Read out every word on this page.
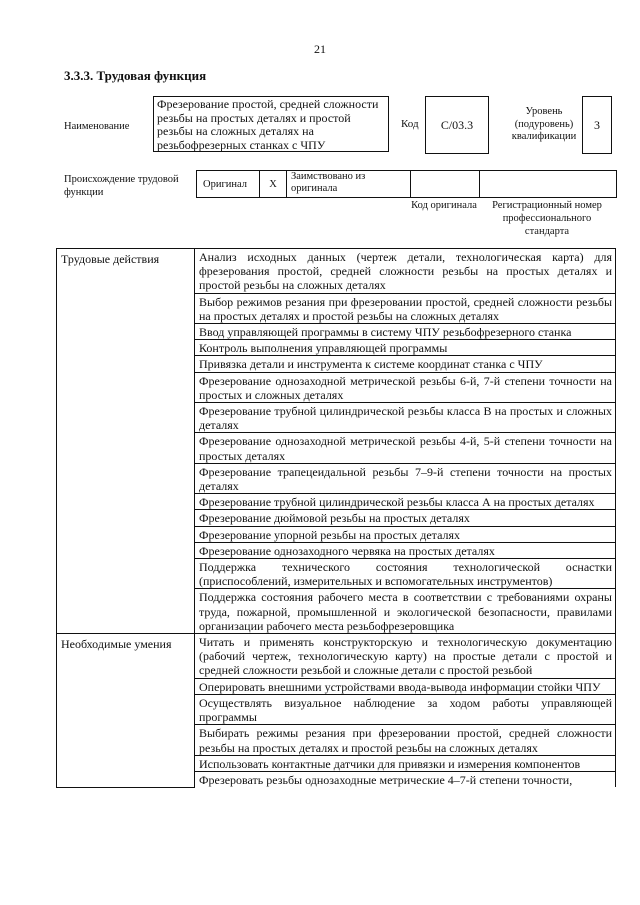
21
3.3.3. Трудовая функция
Наименование
Фрезерование простой, средней сложности резьбы на простых деталях и простой резьбы на сложных деталях на резьбофрезерных станках с ЧПУ
Код	С/03.3
Уровень (подуровень) квалификации
3
Происхождение трудовой функции
Оригинал	X	Заимствовано из оригинала		
Код оригинала	Регистрационный номер профессионального стандарта
Трудовые действия	Анализ исходных данных (чертеж детали, технологическая карта) для фрезерования простой, средней сложности резьбы на простых деталях и простой резьбы на сложных деталях
	Выбор режимов резания при фрезеровании простой, средней сложности резьбы на простых деталях и простой резьбы на сложных деталях
	Ввод управляющей программы в систему ЧПУ резьбофрезерного станка
	Контроль выполнения управляющей программы
	Привязка детали и инструмента к системе координат станка с ЧПУ
	Фрезерование однозаходной метрической резьбы 6-й, 7-й степени точности на простых и сложных деталях
	Фрезерование трубной цилиндрической резьбы класса В на простых и сложных деталях
	Фрезерование однозаходной метрической резьбы 4-й, 5-й степени точности на простых деталях
	Фрезерование трапецеидальной резьбы 7–9-й степени точности на простых деталях
	Фрезерование трубной цилиндрической резьбы класса А на простых деталях
	Фрезерование дюймовой резьбы на простых деталях
	Фрезерование упорной резьбы на простых деталях
	Фрезерование однозаходного червяка на простых деталях
	Поддержка технического состояния технологической оснастки (приспособлений, измерительных и вспомогательных инструментов)
	Поддержка состояния рабочего места в соответствии с требованиями охраны труда, пожарной, промышленной и экологической безопасности, правилами организации рабочего места резьбофрезеровщика
Необходимые умения	Читать и применять конструкторскую и технологическую документацию (рабочий чертеж, технологическую карту) на простые детали с простой и средней сложности резьбой и сложные детали с простой резьбой
	Оперировать внешними устройствами ввода-вывода информации стойки ЧПУ
	Осуществлять визуальное наблюдение за ходом работы управляющей программы
	Выбирать режимы резания при фрезеровании простой, средней сложности резьбы на простых деталях и простой резьбы на сложных деталях
	Использовать контактные датчики для привязки и измерения компонентов
	Фрезеровать резьбы однозаходные метрические 4–7-й степени точности,
